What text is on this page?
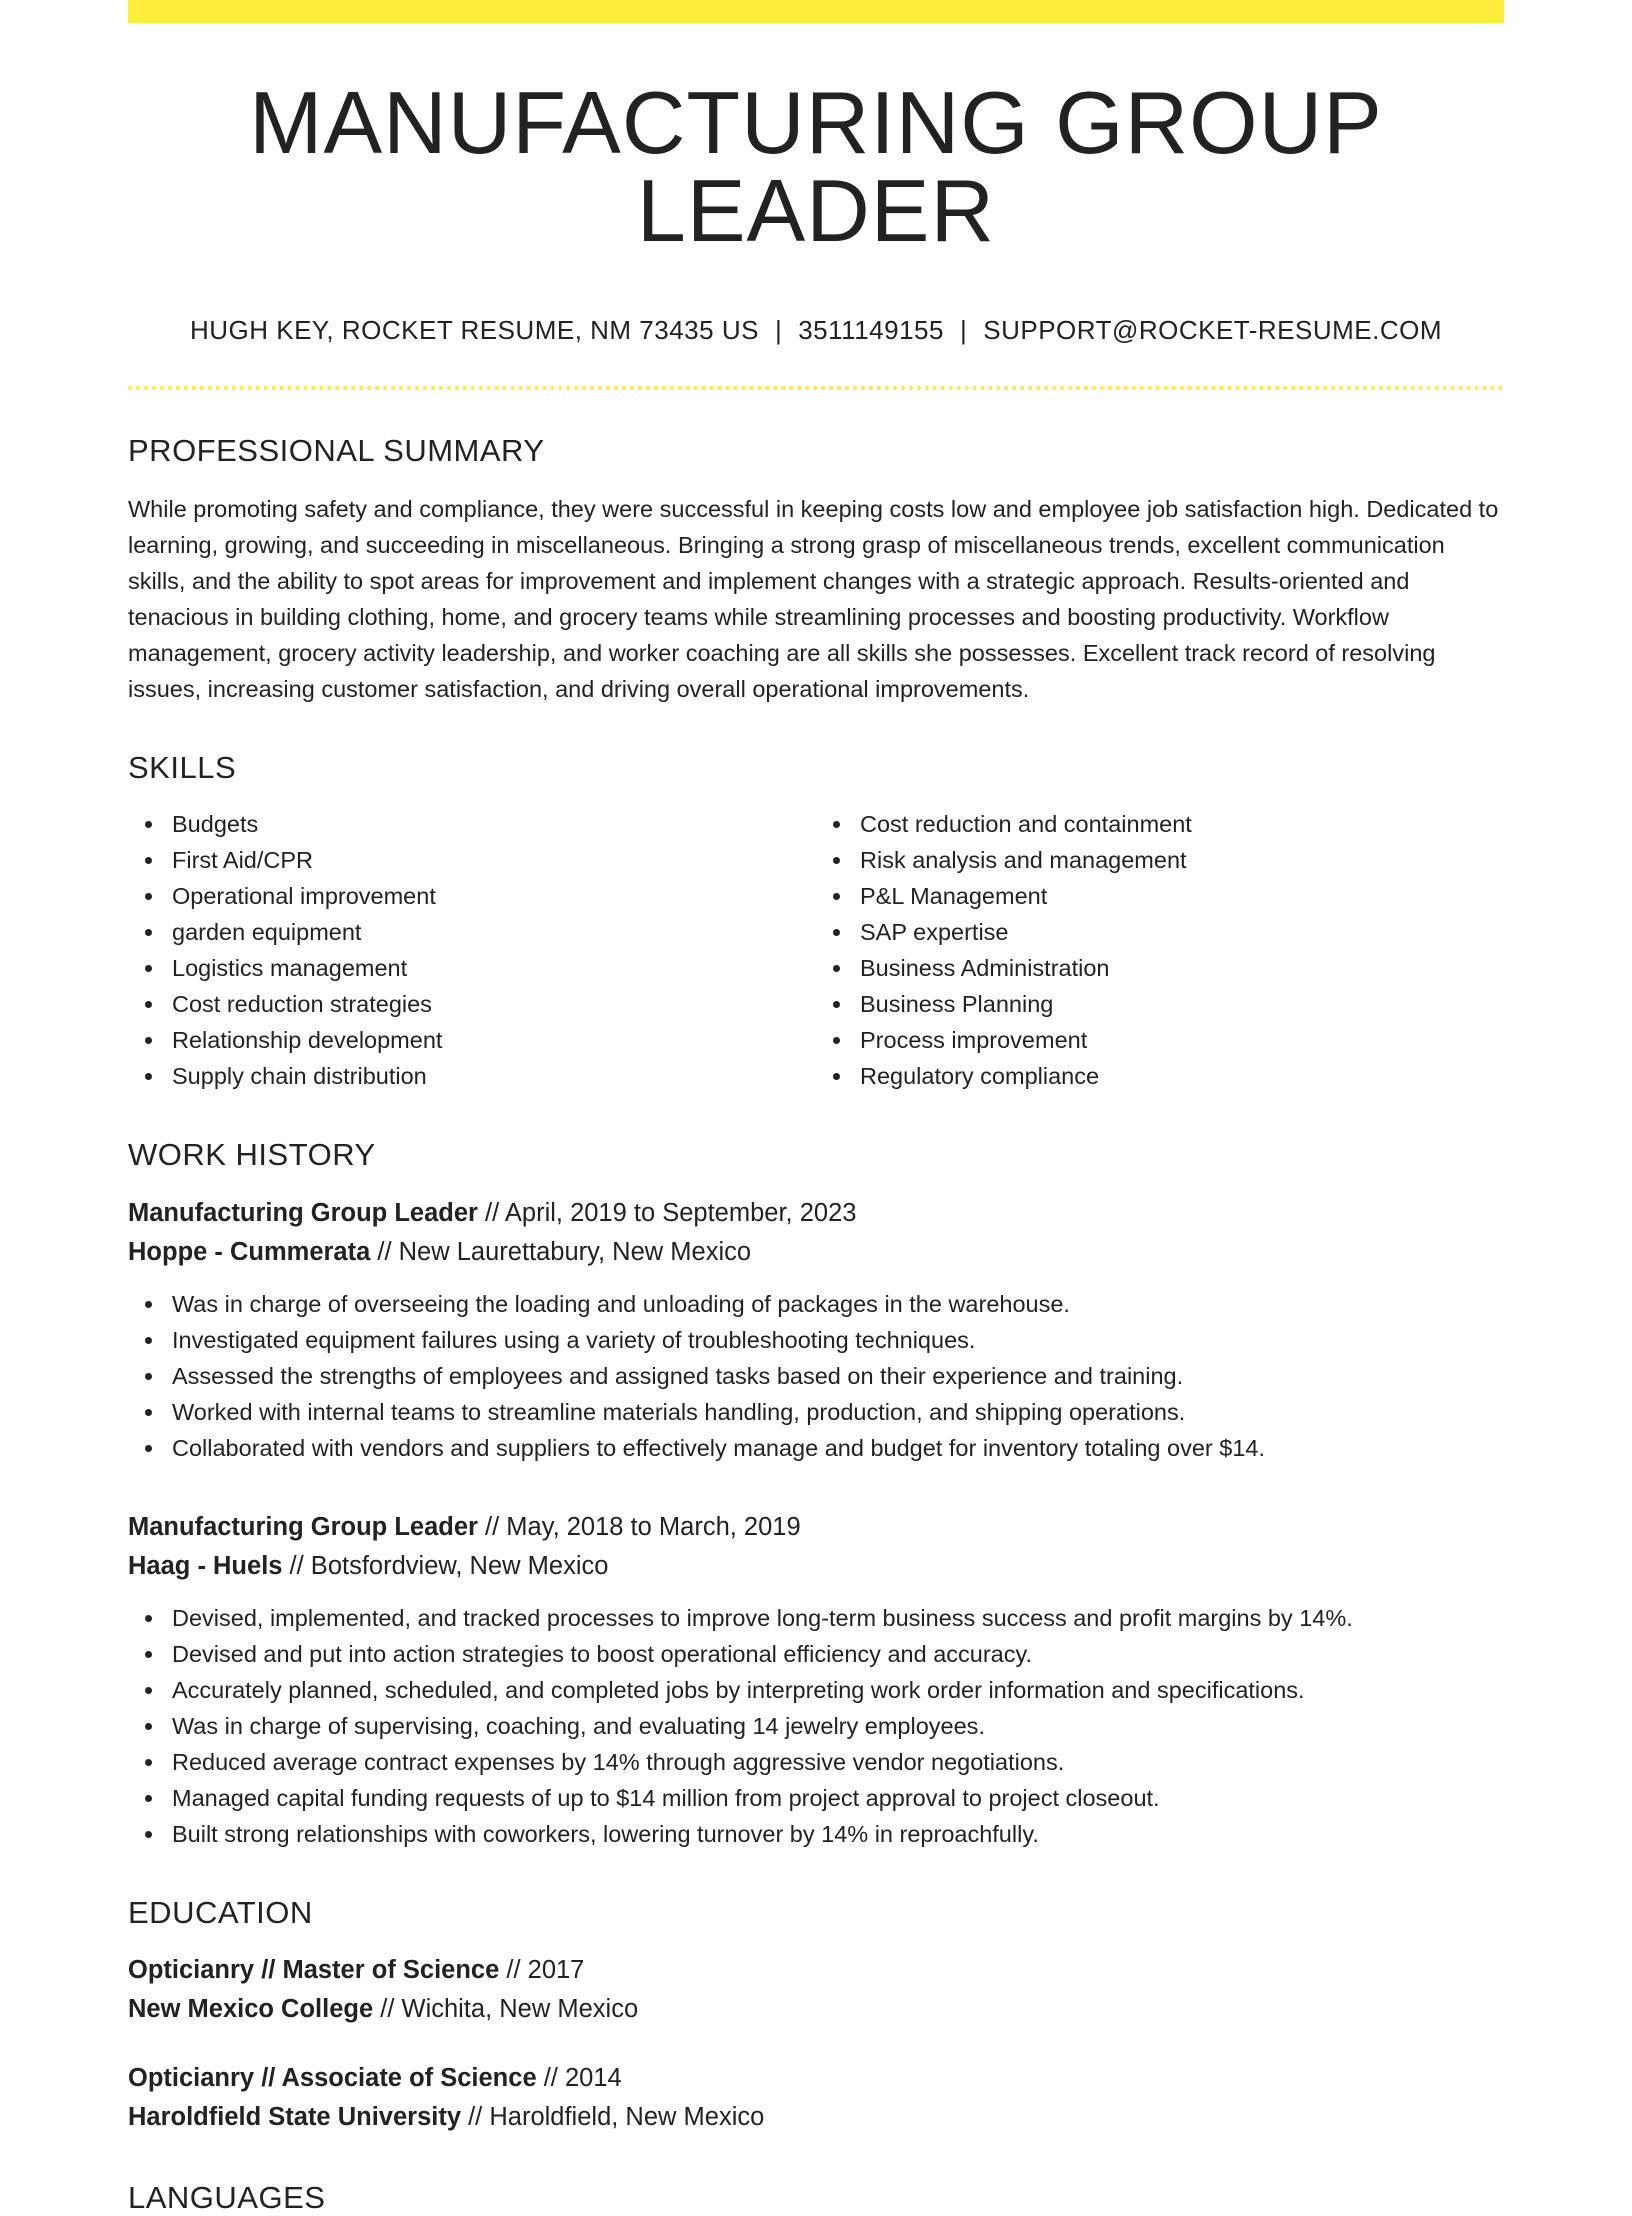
MANUFACTURING GROUP LEADER
HUGH KEY, ROCKET RESUME, NM 73435 US | 3511149155 | SUPPORT@ROCKET-RESUME.COM
PROFESSIONAL SUMMARY

While promoting safety and compliance, they were successful in keeping costs low and employee job satisfaction high. Dedicated to learning, growing, and succeeding in miscellaneous. Bringing a strong grasp of miscellaneous trends, excellent communication skills, and the ability to spot areas for improvement and implement changes with a strategic approach. Results-oriented and tenacious in building clothing, home, and grocery teams while streamlining processes and boosting productivity. Workflow management, grocery activity leadership, and worker coaching are all skills she possesses. Excellent track record of resolving issues, increasing customer satisfaction, and driving overall operational improvements.

SKILLS
Budgets
First Aid/CPR
Operational improvement
garden equipment
Logistics management
Cost reduction strategies
Relationship development
Supply chain distribution
Cost reduction and containment
Risk analysis and management
P&L Management
SAP expertise
Business Administration
Business Planning
Process improvement
Regulatory compliance
WORK HISTORY
Manufacturing Group Leader // April, 2019 to September, 2023
Hoppe - Cummerata // New Laurettabury, New Mexico
Was in charge of overseeing the loading and unloading of packages in the warehouse.
Investigated equipment failures using a variety of troubleshooting techniques.
Assessed the strengths of employees and assigned tasks based on their experience and training.
Worked with internal teams to streamline materials handling, production, and shipping operations.
Collaborated with vendors and suppliers to effectively manage and budget for inventory totaling over $14.
Manufacturing Group Leader // May, 2018 to March, 2019
Haag - Huels // Botsfordview, New Mexico
Devised, implemented, and tracked processes to improve long-term business success and profit margins by 14%.
Devised and put into action strategies to boost operational efficiency and accuracy.
Accurately planned, scheduled, and completed jobs by interpreting work order information and specifications.
Was in charge of supervising, coaching, and evaluating 14 jewelry employees.
Reduced average contract expenses by 14% through aggressive vendor negotiations.
Managed capital funding requests of up to $14 million from project approval to project closeout.
Built strong relationships with coworkers, lowering turnover by 14% in reproachfully.
EDUCATION
Opticianry // Master of Science // 2017
New Mexico College // Wichita, New Mexico
Opticianry // Associate of Science // 2014
Haroldfield State University // Haroldfield, New Mexico
LANGUAGES
